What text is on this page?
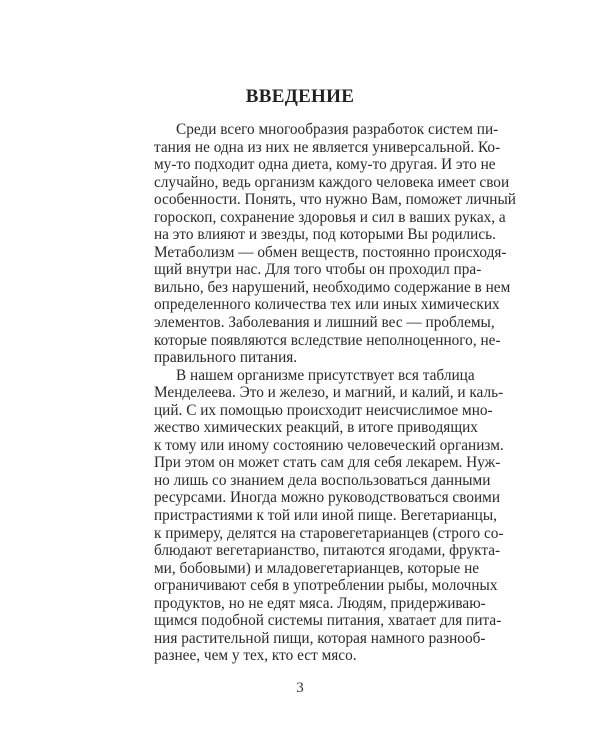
ВВЕДЕНИЕ
Среди всего многообразия разработок систем пи-
тания не одна из них не является универсальной. Ко-
му-то подходит одна диета, кому-то другая. И это не
случайно, ведь организм каждого человека имеет свои
особенности. Понять, что нужно Вам, поможет личный
гороскоп, сохранение здоровья и сил в ваших руках, а
на это влияют и звезды, под которыми Вы родились.
Метаболизм — обмен веществ, постоянно происходя-
щий внутри нас. Для того чтобы он проходил пра-
вильно, без нарушений, необходимо содержание в нем
определенного количества тех или иных химических
элементов. Заболевания и лишний вес — проблемы,
которые появляются вследствие неполноценного, не-
правильного питания.
В нашем организме присутствует вся таблица
Менделеева. Это и железо, и магний, и калий, и каль-
ций. С их помощью происходит неисчислимое мно-
жество химических реакций, в итоге приводящих
к тому или иному состоянию человеческий организм.
При этом он может стать сам для себя лекарем. Нуж-
но лишь со знанием дела воспользоваться данными
ресурсами. Иногда можно руководствоваться своими
пристрастиями к той или иной пище. Вегетарианцы,
к примеру, делятся на старовегетарианцев (строго со-
блюдают вегетарианство, питаются ягодами, фрукта-
ми, бобовыми) и младовегетарианцев, которые не
ограничивают себя в употреблении рыбы, молочных
продуктов, но не едят мяса. Людям, придерживаю-
щимся подобной системы питания, хватает для пита-
ния растительной пищи, которая намного разнооб-
разнее, чем у тех, кто ест мясо.
3
